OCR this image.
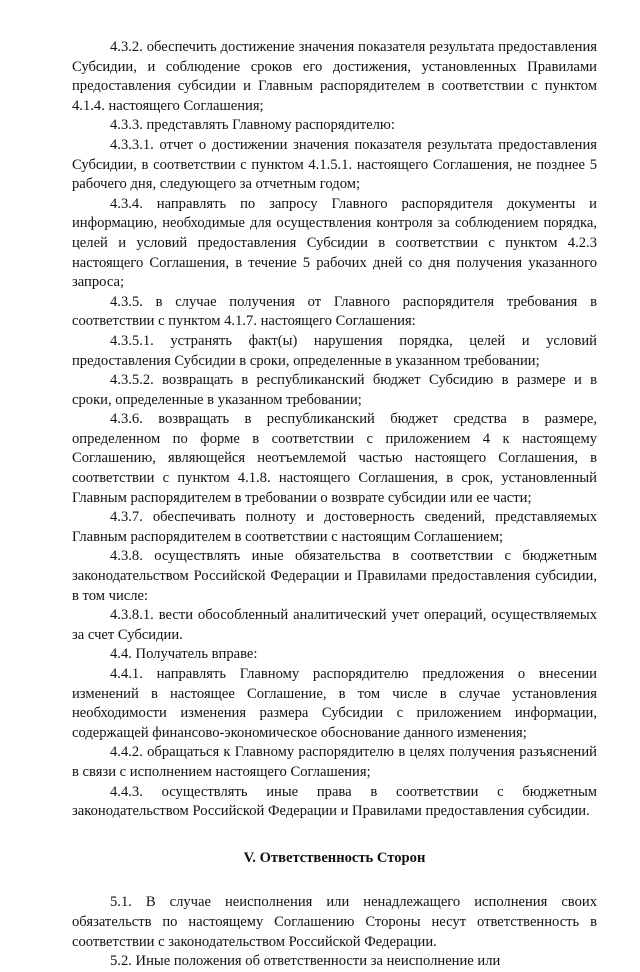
4.3.2. обеспечить достижение значения показателя результата предоставления Субсидии, и соблюдение сроков его достижения, установленных Правилами предоставления субсидии и Главным распорядителем в соответствии с пунктом 4.1.4. настоящего Соглашения;

4.3.3. представлять Главному распорядителю:

4.3.3.1. отчет о достижении значения показателя результата предоставления Субсидии, в соответствии с пунктом 4.1.5.1. настоящего Соглашения, не позднее 5 рабочего дня, следующего за отчетным годом;

4.3.4. направлять по запросу Главного распорядителя документы и информацию, необходимые для осуществления контроля за соблюдением порядка, целей и условий предоставления Субсидии в соответствии с пунктом 4.2.3 настоящего Соглашения, в течение 5 рабочих дней со дня получения указанного запроса;

4.3.5. в случае получения от Главного распорядителя требования в соответствии с пунктом 4.1.7. настоящего Соглашения:

4.3.5.1. устранять факт(ы) нарушения порядка, целей и условий предоставления Субсидии в сроки, определенные в указанном требовании;

4.3.5.2. возвращать в республиканский бюджет Субсидию в размере и в сроки, определенные в указанном требовании;

4.3.6. возвращать в республиканский бюджет средства в размере, определенном по форме в соответствии с приложением 4 к настоящему Соглашению, являющейся неотъемлемой частью настоящего Соглашения, в соответствии с пунктом 4.1.8. настоящего Соглашения, в срок, установленный Главным распорядителем в требовании о возврате субсидии или ее части;

4.3.7. обеспечивать полноту и достоверность сведений, представляемых Главным распорядителем в соответствии с настоящим Соглашением;

4.3.8. осуществлять иные обязательства в соответствии с бюджетным законодательством Российской Федерации и Правилами предоставления субсидии, в том числе:

4.3.8.1. вести обособленный аналитический учет операций, осуществляемых за счет Субсидии.

4.4. Получатель вправе:

4.4.1. направлять Главному распорядителю предложения о внесении изменений в настоящее Соглашение, в том числе в случае установления необходимости изменения размера Субсидии с приложением информации, содержащей финансово-экономическое обоснование данного изменения;

4.4.2. обращаться к Главному распорядителю в целях получения разъяснений в связи с исполнением настоящего Соглашения;

4.4.3. осуществлять иные права в соответствии с бюджетным законодательством Российской Федерации и Правилами предоставления субсидии.

V. Ответственность Сторон

5.1. В случае неисполнения или ненадлежащего исполнения своих обязательств по настоящему Соглашению Стороны несут ответственность в соответствии с законодательством Российской Федерации.

5.2. Иные положения об ответственности за неисполнение или
